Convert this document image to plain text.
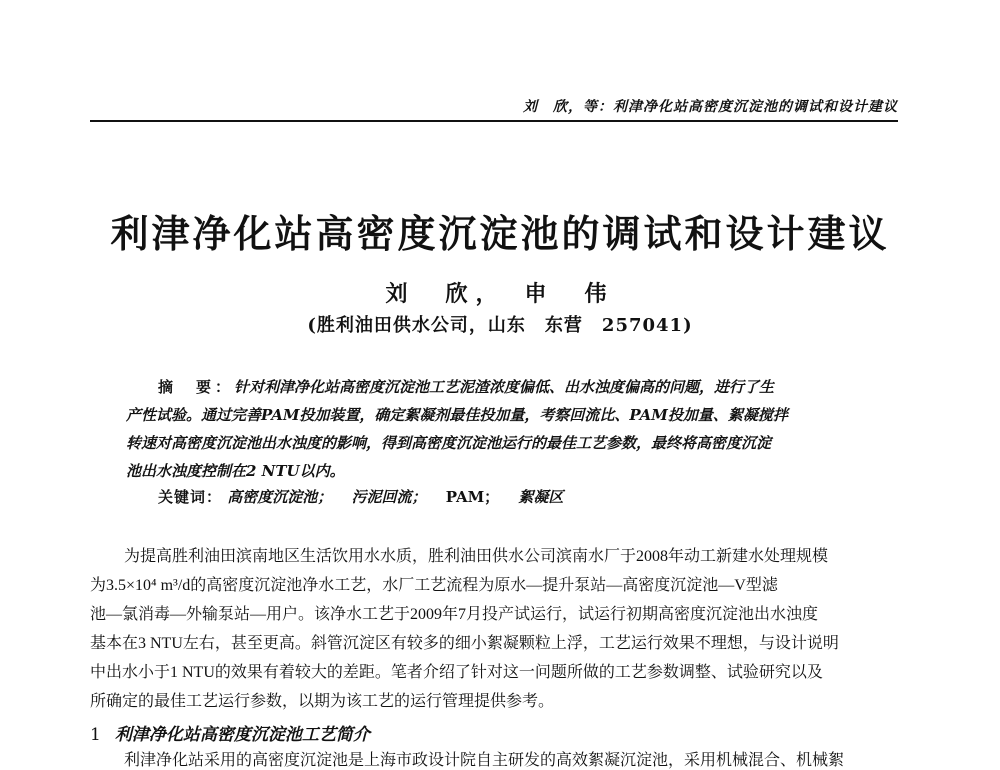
刘　欣，等：利津净化站高密度沉淀池的调试和设计建议
利津净化站高密度沉淀池的调试和设计建议
刘　欣，　申　伟
(胜利油田供水公司，山东　东营　257041)
摘　要：针对利津净化站高密度沉淀池工艺泥渣浓度偏低、出水浊度偏高的问题，进行了生
产性试验。通过完善PAM投加装置，确定絮凝剂最佳投加量，考察回流比、PAM投加量、絮凝搅拌
转速对高密度沉淀池出水浊度的影响，得到高密度沉淀池运行的最佳工艺参数，最终将高密度沉淀
池出水浊度控制在2 NTU以内。
关键词： 高密度沉淀池； 污泥回流； PAM； 絮凝区
为提高胜利油田滨南地区生活饮用水水质，胜利油田供水公司滨南水厂于2008年动工新建水处理规模
为3.5×10⁴ m³/d的高密度沉淀池净水工艺，水厂工艺流程为原水—提升泵站—高密度沉淀池—V型滤
池—氯消毒—外输泵站—用户。该净水工艺于2009年7月投产试运行，试运行初期高密度沉淀池出水浊度
基本在3 NTU左右，甚至更高。斜管沉淀区有较多的细小絮凝颗粒上浮，工艺运行效果不理想，与设计说明
中出水小于1 NTU的效果有着较大的差距。笔者介绍了针对这一问题所做的工艺参数调整、试验研究以及
所确定的最佳工艺运行参数，以期为该工艺的运行管理提供参考。
1 利津净化站高密度沉淀池工艺简介
利津净化站采用的高密度沉淀池是上海市政设计院自主研发的高效絮凝沉淀池，采用机械混合、机械絮
